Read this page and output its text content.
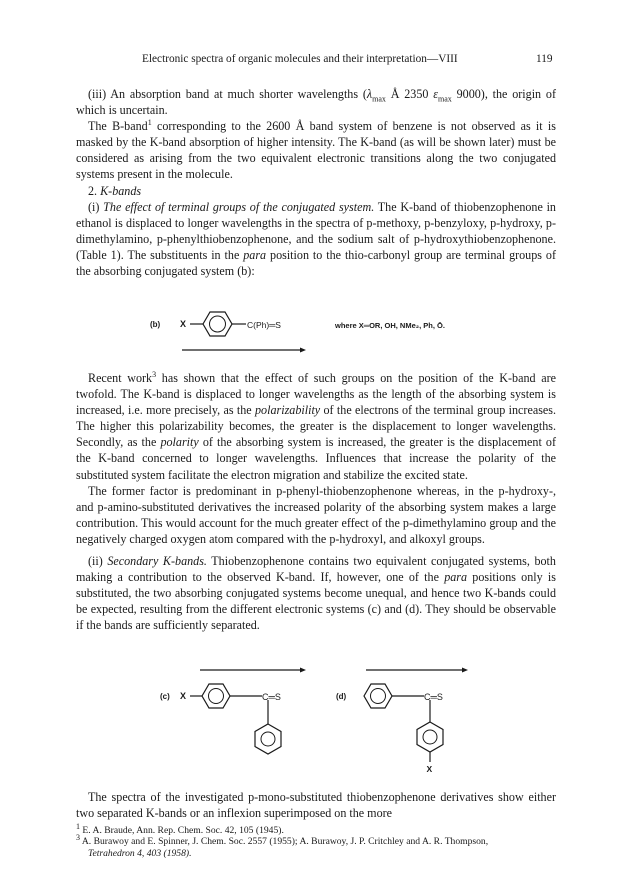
Electronic spectra of organic molecules and their interpretation—VIII	119

(iii) An absorption band at much shorter wavelengths ($\lambda_{max}$ Å 2350 $\varepsilon_{max}$ 9000), the origin of which is uncertain.

The B-band$^1$ corresponding to the 2600 Å band system of benzene is not observed as it is masked by the K-band absorption of higher intensity. The K-band (as will be shown later) must be considered as arising from the two equivalent electronic transitions along the two conjugated systems present in the molecule.

2. K-bands

(i) The effect of terminal groups of the conjugated system. The K-band of thiobenzophenone in ethanol is displaced to longer wavelengths in the spectra of p-methoxy, p-benzyloxy, p-hydroxy, p-dimethylamino, p-phenylthiobenzophenone, and the sodium salt of p-hydroxythiobenzophenone. (Table 1). The substituents in the para position to the thio-carbonyl group are terminal groups of the absorbing conjugated system (b):

(b) X	C(Ph)═S	where X═OR, OH, NMe₂, Ph, Ō.

Recent work$^3$ has shown that the effect of such groups on the position of the K-band are twofold. The K-band is displaced to longer wavelengths as the length of the absorbing system is increased, i.e. more precisely, as the polarizability of the electrons of the terminal group increases. The higher this polarizability becomes, the greater is the displacement to longer wavelengths. Secondly, as the polarity of the absorbing system is increased, the greater is the displacement of the K-band concerned to longer wavelengths. Influences that increase the polarity of the substituted system facilitate the electron migration and stabilize the excited state.

The former factor is predominant in p-phenyl-thiobenzophenone whereas, in the p-hydroxy-, and p-amino-substituted derivatives the increased polarity of the absorbing system makes a large contribution. This would account for the much greater effect of the p-dimethylamino group and the negatively charged oxygen atom compared with the p-hydroxyl, and alkoxyl groups.

(ii) Secondary K-bands. Thiobenzophenone contains two equivalent conjugated systems, both making a contribution to the observed K-band. If, however, one of the para positions only is substituted, the two absorbing conjugated systems become unequal, and hence two K-bands could be expected, resulting from the different electronic systems (c) and (d). They should be observable if the bands are sufficiently separated.

(c) X	C═S	(d)	C═S
X

The spectra of the investigated p-mono-substituted thiobenzophenone derivatives show either two separated K-bands or an inflexion superimposed on the more

$^1$ E. A. Braude, Ann. Rep. Chem. Soc. 42, 105 (1945).

$^3$ A. Burawoy and E. Spinner, J. Chem. Soc. 2557 (1955); A. Burawoy, J. P. Critchley and A. R. Thompson,

Tetrahedron 4, 403 (1958).
